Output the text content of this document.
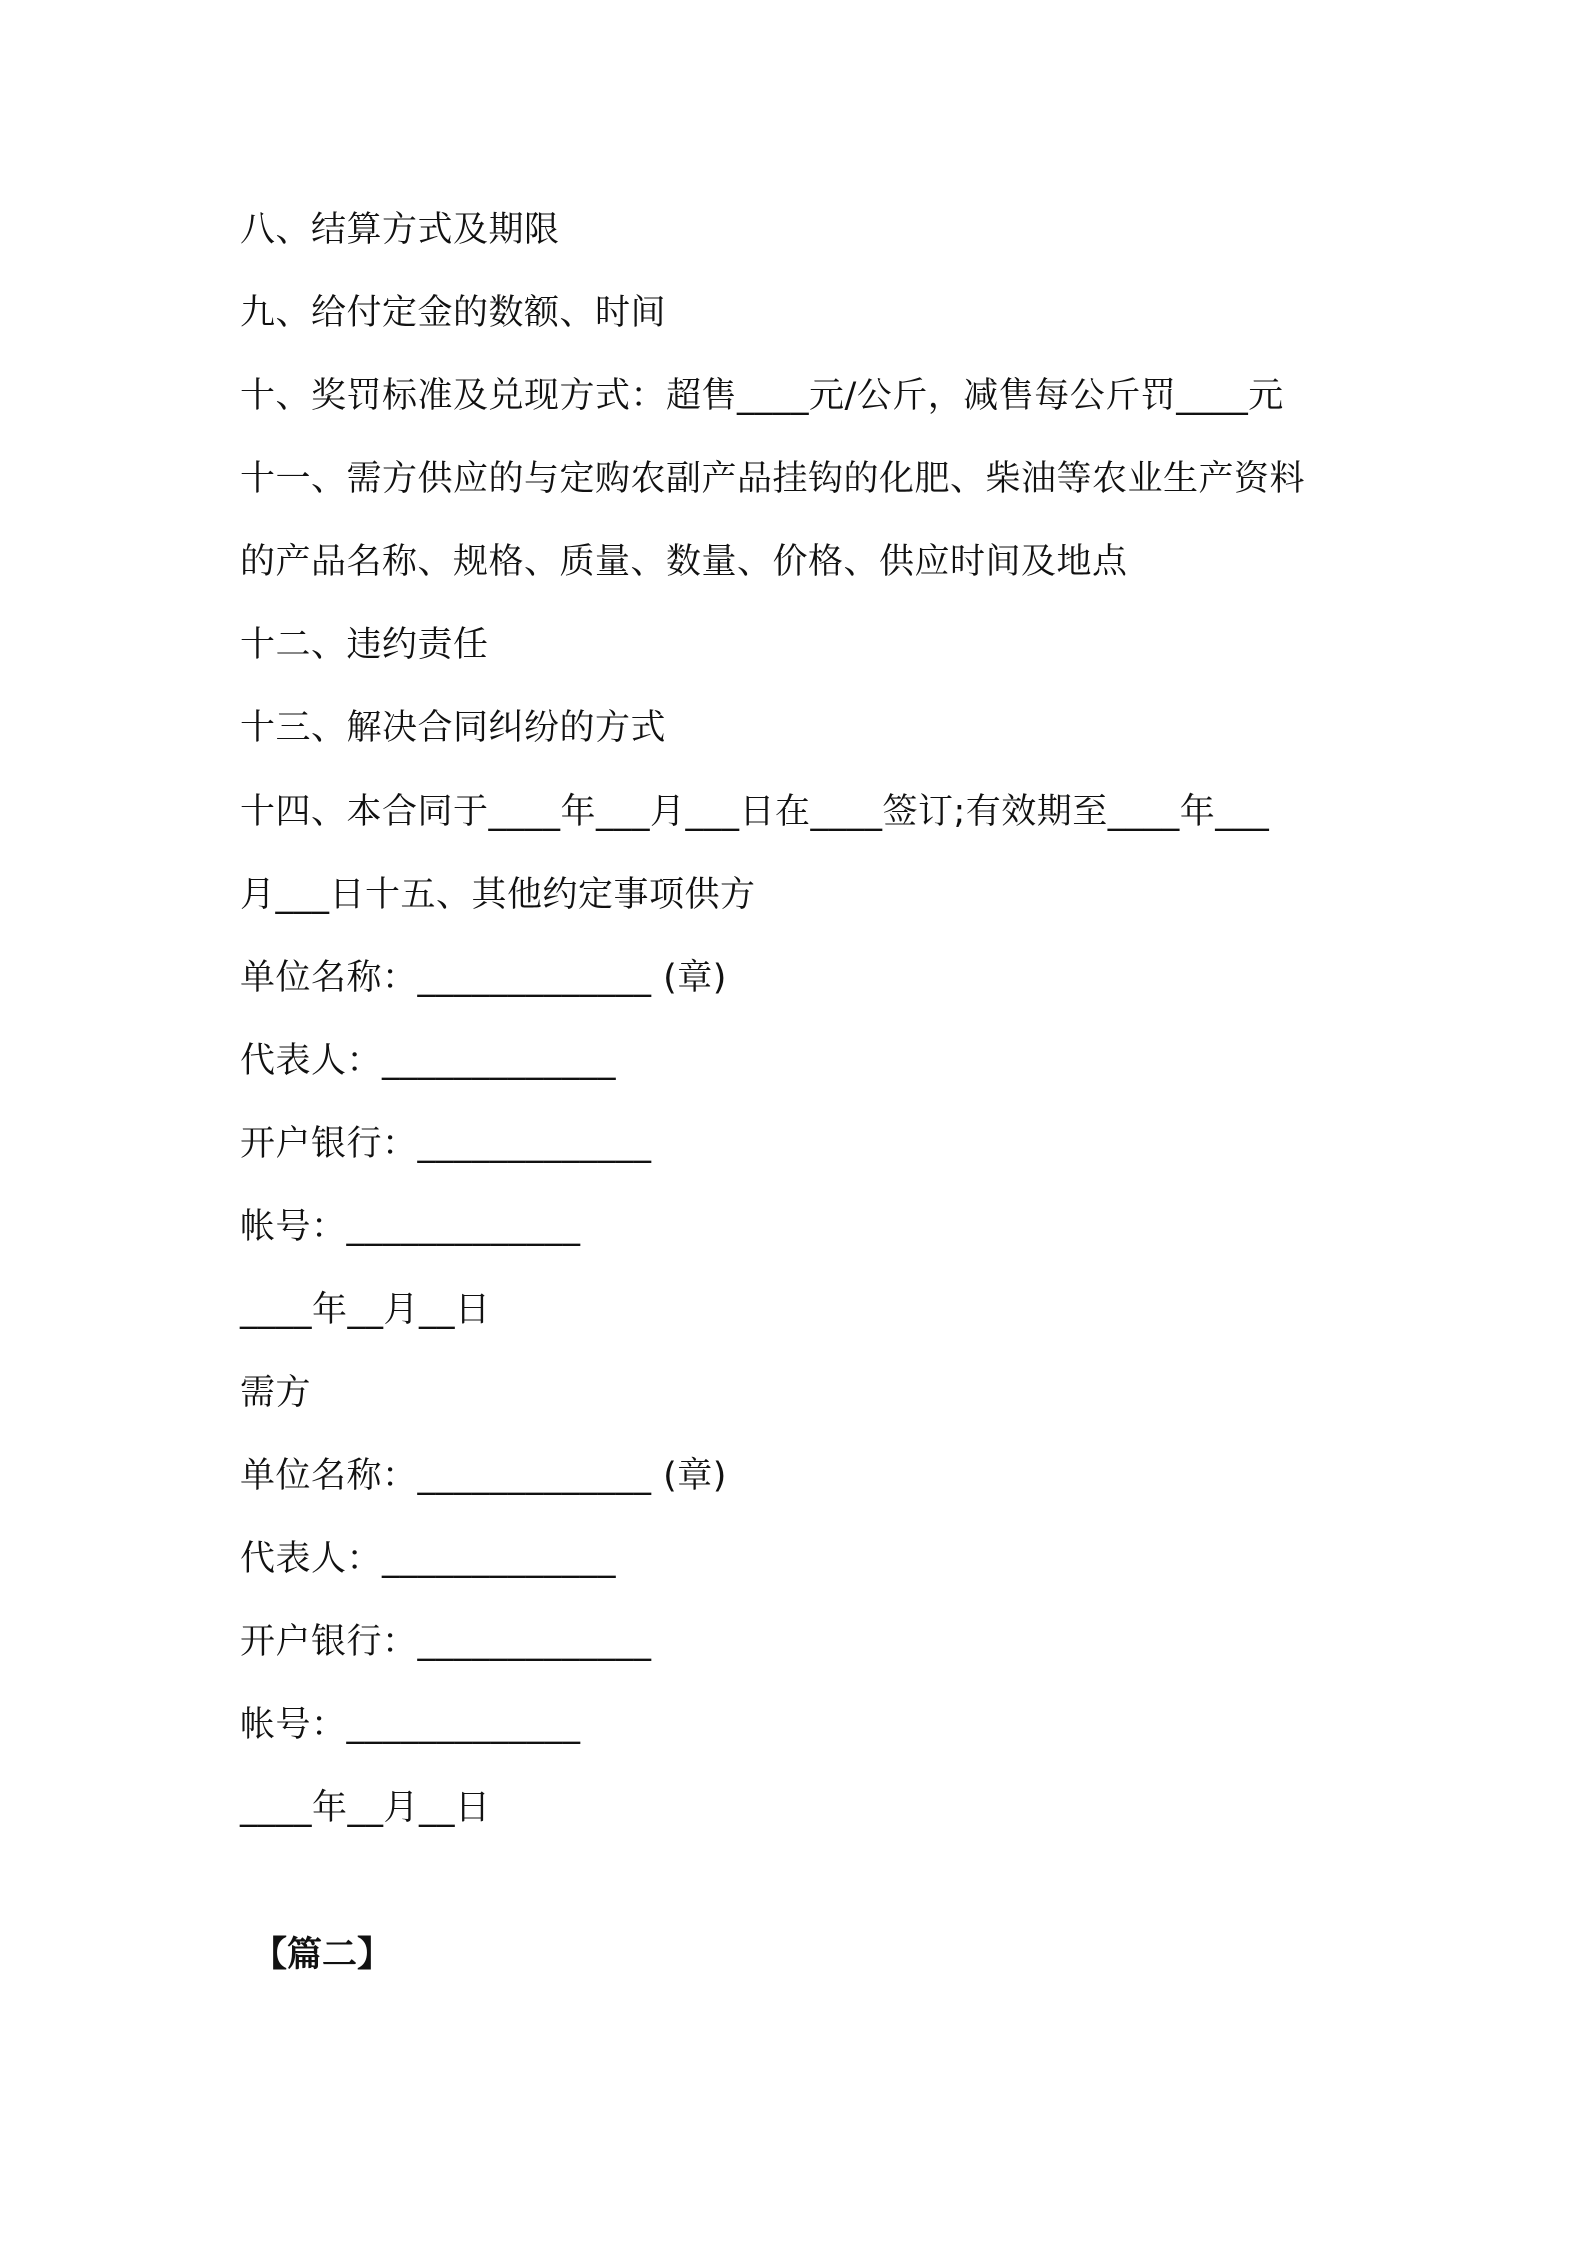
八、结算方式及期限
九、给付定金的数额、时间
十、奖罚标准及兑现方式：超售____元/公斤，减售每公斤罚____元
十一、需方供应的与定购农副产品挂钩的化肥、柴油等农业生产资料
的产品名称、规格、质量、数量、价格、供应时间及地点
十二、违约责任
十三、解决合同纠纷的方式
十四、本合同于____年___月___日在____签订;有效期至____年___
月___日十五、其他约定事项供方
单位名称：_____________ (章)
代表人：_____________
开户银行：_____________
帐号：_____________
____年__月__日
需方
单位名称：_____________ (章)
代表人：_____________
开户银行：_____________
帐号：_____________
____年__月__日
【篇二】
